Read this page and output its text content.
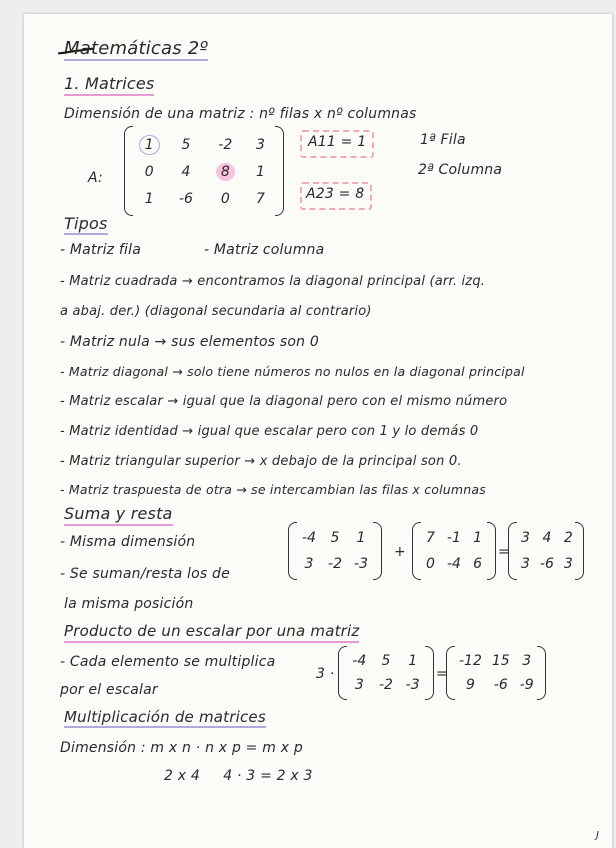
Matemáticas 2º
1. Matrices
Dimensión de una matriz : nº filas x nº columnas
A:
1	5	-2	3
0	4	8	1
1	-6	0	7
A11 = 1
A23 = 8
1ª Fila
2ª Columna
Tipos
- Matriz fila	- Matriz columna
- Matriz cuadrada → encontramos la diagonal principal (arr. izq.
a abaj. der.) (diagonal secundaria al contrario)
- Matriz nula → sus elementos son 0
- Matriz diagonal → solo tiene números no nulos en la diagonal principal
- Matriz escalar → igual que la diagonal pero con el mismo número
- Matriz identidad → igual que escalar pero con 1 y lo demás 0
- Matriz triangular superior → x debajo de la principal son 0.
- Matriz traspuesta de otra → se intercambian las filas x columnas
Suma y resta
- Misma dimensión
- Se suman/resta los de
la misma posición
-4	5	1
3	-2	-3
+
7	-1	1
0	-4	6
=
3	4	2
3	-6	3
Producto de un escalar por una matriz
- Cada elemento se multiplica
por el escalar
3 ·
-4	5	1
3	-2	-3
=
-12	15	3
9	-6	-9
Multiplicación de matrices
Dimensión : m x n · n x p = m x p
2 x 4     4 · 3 = 2 x 3
J
